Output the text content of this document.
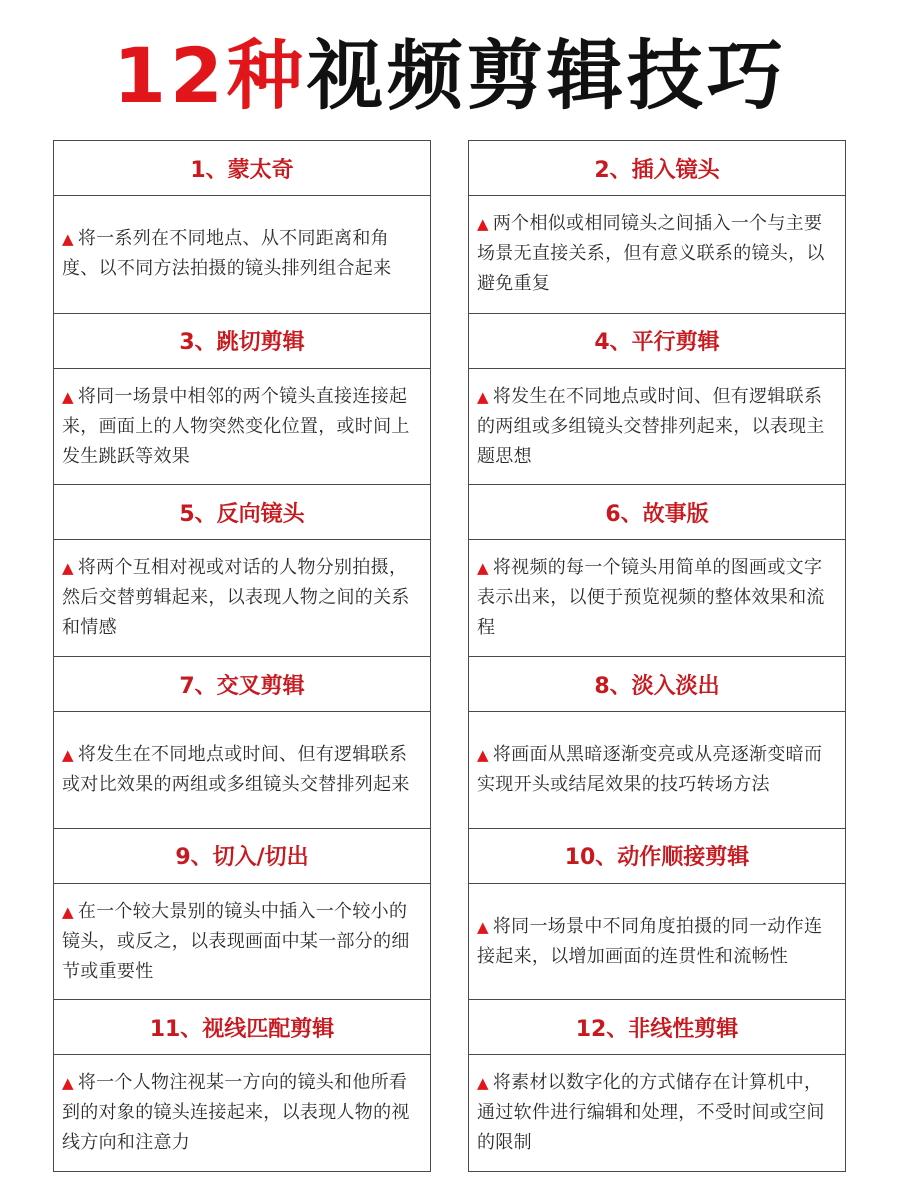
12种视频剪辑技巧
1、蒙太奇

▲ 将一系列在不同地点、从不同距离和角度、以不同方法拍摄的镜头排列组合起来

3、跳切剪辑

▲ 将同一场景中相邻的两个镜头直接连接起来，画面上的人物突然变化位置，或时间上发生跳跃等效果

5、反向镜头

▲ 将两个互相对视或对话的人物分别拍摄，然后交替剪辑起来，以表现人物之间的关系和情感

7、交叉剪辑

▲ 将发生在不同地点或时间、但有逻辑联系或对比效果的两组或多组镜头交替排列起来

9、切入/切出

▲ 在一个较大景别的镜头中插入一个较小的镜头，或反之，以表现画面中某一部分的细节或重要性

11、视线匹配剪辑

▲ 将一个人物注视某一方向的镜头和他所看到的对象的镜头连接起来，以表现人物的视线方向和注意力

2、插入镜头

▲ 两个相似或相同镜头之间插入一个与主要场景无直接关系，但有意义联系的镜头，以避免重复

4、平行剪辑

▲ 将发生在不同地点或时间、但有逻辑联系的两组或多组镜头交替排列起来，以表现主题思想

6、故事版

▲ 将视频的每一个镜头用简单的图画或文字表示出来，以便于预览视频的整体效果和流程

8、淡入淡出

▲ 将画面从黑暗逐渐变亮或从亮逐渐变暗而实现开头或结尾效果的技巧转场方法

10、动作顺接剪辑

▲ 将同一场景中不同角度拍摄的同一动作连接起来，以增加画面的连贯性和流畅性

12、非线性剪辑

▲ 将素材以数字化的方式储存在计算机中，通过软件进行编辑和处理，不受时间或空间的限制
